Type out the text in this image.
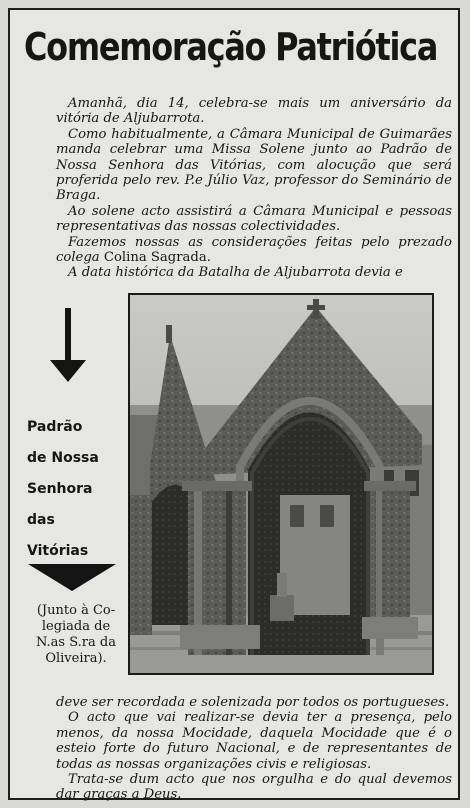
Comemoração Patriótica

Amanhã, dia 14, celebra-se mais um aniversário da vitória de Aljubarrota.

Como habitualmente, a Câmara Municipal de Guimarães manda celebrar uma Missa Solene junto ao Padrão de Nossa Senhora das Vitórias, com alocução que será proferida pelo rev. P.e Júlio Vaz, professor do Seminário de Braga.

Ao solene acto assistirá a Câmara Municipal e pessoas representativas das nossas colectividades.

Fazemos nossas as considerações feitas pelo prezado colega Colina Sagrada.

A data histórica da Batalha de Aljubarrota devia e

Padrão
de Nossa
Senhora
das
Vitórias
(Junto à Co-
legiada de
N.as S.ra da
Oliveira).

deve ser recordada e solenizada por todos os portugueses.

O acto que vai realizar-se devia ter a presença, pelo menos, da nossa Mocidade, daquela Mocidade que é o esteio forte do futuro Nacional, e de representantes de todas as nossas organizações civis e religiosas.

Trata-se dum acto que nos orgulha e do qual devemos dar graças a Deus.
